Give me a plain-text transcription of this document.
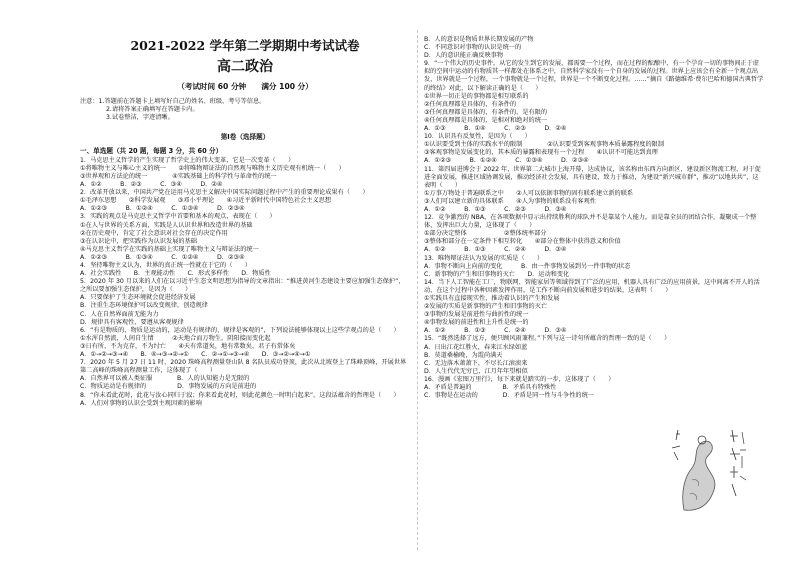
2021-2022 学年第二学期期中考试试卷
高二政治
（考试时间 60 分钟　　满分 100 分）
注意：1.答题前在答题卡上填写好自己的姓名、班级、考号等信息。
2.请将答案正确填写在答题卡内。
3.试卷整洁，字迹清晰。
第Ⅰ卷（选择题）
一、单选题（共 20 题，每题 3 分，共 60 分）
1．马克思主义哲学的产生实现了哲学史上的伟大变革，它是一次变革（　　）
①将唯物主义与唯心主义的统一　　②将唯物辩证法的自然观与唯物主义历史观有机统一（　　）
③世界观和方法论的统一　　　　④实践基础上的科学性与革命性的统一
A．①②　　　B．②③　　　C．③④　　　D．②④
2．改革开放以来，中国共产党在运用马克思主义解决中国实际问题过程中产生的重要理论成果有（　　）
①毛泽东思想　　②科学发展观　　③邓小平理论　　④习近平新时代中国特色社会主义思想
A．①②③　　　B．①②④　　　C．①③④　　　D．②③④
3．实践的观点是马克思主义哲学中首要和基本的观点，表现在（　　）
①在人与世界的关系方面，实践是人认识世界和改造世界的基础
②在历史观中，肯定了社会意识对社会存在的决定作用
③在认识论中，把实践作为认识发展的基础
④马克思主义哲学在实践的基础上实现了唯物主义与辩证法的统一
A．①②③　　　B．①③④　　　C．①②④　　　D．②③④
4．坚持唯物主义认为，世界的真正统一性就在于它的（　　）
A．社会实践性　　B．主观能动性　　C．形式多样性　　D．物质性
5．2020 年 30 月以来的人们在以习近平生态文明思想为指导的文章指出：“推进黄河生态建设主要应加强生态保护”，之所以要加强生态保护，是因为（　　）
A．只要保护了生态环境就会促进经济发展
B．注重生态环境保护可以改变规律，创造规律
C．人在自然界面前无能为力
D．规律具有客观性，要遵从客观规律
6．“有是物质的，物质是运动的，运动是有规律的，规律是客观的”，下列说法能够体现以上这些学观点的是（　　）
①水浑自然流，人间自生情　　　②天地合而万物生，阴阳接而变化起
③日有所，不为克存，不为纣亡　　④天有常道矣，地有常数矣，君子有常体矣
A．①→②→③→④　　B．④→③→②→①　　C．②→①→③→④　　D．③→②→④→①
7．2020 年 5 月 27 日 11 时，2020 珠峰高程测量登山队 8 名队员成功登顶，此次从北坡登上了珠峰顶峰，开展世界第二高峰的珠峰高程测量工作，这体现了（　　）
A．自然界可以被人类征服　　　　B．人的认知能力是无限的
C．物质运动是有规律的　　　　　D．事物发展的方向是前进的
8．“你未看此花时，此花与汝心同归于寂；你来看此花时，则此花颜色一时明白起来”。这段话蕴含的哲理是（　　）
A．人们对事物的认识会受到主观因素的影响
B．人的意识是物质世界长期发展的产物
C．不同意识对事物的认识是统一的
D．人的意识能正确反映事物
9．“一个伟大的历史事件，从它的发生到它的发展，都需要一个过程，而在过程的酝酿中，有一个孕育一切的事物间正于虚拟的空间中运动的有物质其一样都处在体系之中，自然科学家没有一个自身的发展的过程。世界上应该会有全新一个观点出发，世界就是一个过程，一个事物就是一个过程，世界是一个不断变化过程。……”摘自《路德维希·费尔巴哈和德国古典哲学的终结》对此，以下解读正确的是（　　）
①世界一切正是的事物都是相互联系的
②任何真理都是具体的，有条件的
③任何真理都是具体的，有条件的，是有限的
④任何真理都是具体的，是相对和绝对的统一
A．①③　　　B．①④　　　C．②③　　　D．②④
10．认识具有反复性，是因为（　　）
①认识要受到主体的实践水平的限制　　　　②认识要受到客观事物本质暴露程度的限制
③客观事物是发展变化的，其本质的暴露和表现有一个过程　　④认识不可能达到真理
A．①②③　　　B．①②④　　　C．①③④　　　D．②③④
11．第四届进博会于 2022 年，世界第二大城市上海开幕，达成协议，该名称由东西方向新区，建设新区物流工程，对于促进全面发展，推进区域协调发展，推动经济社会发展，具有建设、致力于推动，为建设“新兴城市群”，推动“以地共共”，这表明（　　）
①万事万物处于普遍联系之中　　②人可以依据事物的固有联系建立新的联系
③人们可以建立新的具体联系　　④人为事物的联系没有客观性
A．①②　　　B．①③　　　C．②③　　　D．③④
12．竞争激烈的 NBA，在各项数据中显示出持续胜利的球队并不是靠某个人能力，而是靠全员的团结合作，凝聚成一个整体，发挥出巨大力量，这体现了（　　）
①部分决定整体　　　　　　②整体统率部分
③整体和部分在一定条件下相互转化　　④部分在整体中获得意义和价值
A．①②　　　B．①③　　　C．②④　　　D．③④
13．唯物辩证法认为发展的实质是（　　）
A．事物不断向上向前的变化　　　B．由一件事物发展到另一件事物的状态
C．新事物的产生和旧事物的灭亡　　D．运动和变化
14．当下人工智能在工厂，物联网、智能家居等领域得到了广泛的应用，机器人具有广泛的应用前景，这中间离不开人的活动，在这个过程中各种因素发挥作用，是工作不断向前发展和进步的结果，这表明（　　）
①实践具有直接现实性，推动着认识的产生和发展
②发展的实质是新事物的产生和旧事物的灭亡
③事物的发展是前进性与曲折性的统一
④事物发展的前进性和上升性是统一的
A．①②　　　B．①③　　　C．②④　　　D．③④
15．“既然选择了远方，便只顾风雨兼程。”下列与这一诗句所蕴含的哲理一致的是（　　）
A．日出江花红胜火，春来江水绿如蓝
B．莫道桑榆晚，为霞尚满天
C．无边落木萧萧下，不尽长江滚滚来
D．人生代代无穷已，江月年年望相似
16．漫画《宏图万里行》，每下来就是踏实的一步，这体现了（　　）
A．矛盾是普遍的　　　　　B．矛盾具有特殊性
C．事物是在运动的　　　　D．矛盾是同一性与斗争性的统一
